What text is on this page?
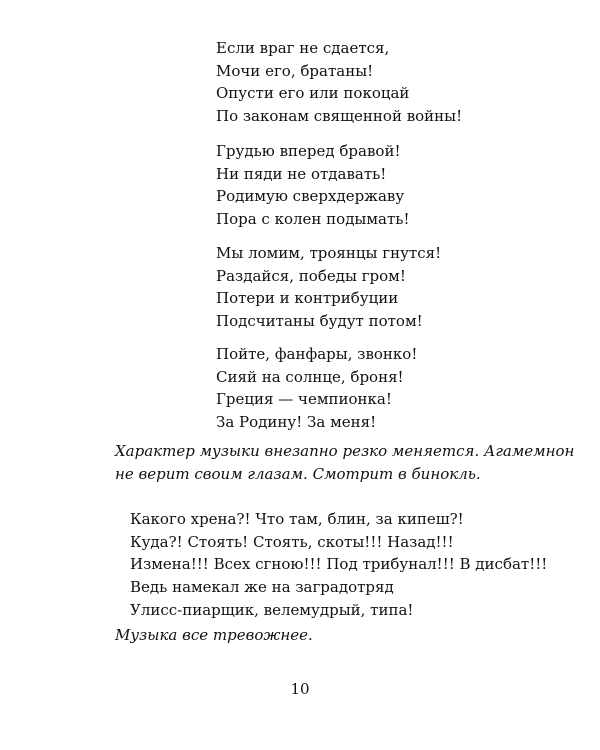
Если враг не сдается,
Мочи его, братаны!
Опусти его или покоцай
По законам священной войны!
Грудью вперед бравой!
Ни пяди не отдавать!
Родимую сверхдержаву
Пора с колен подымать!
Мы ломим, троянцы гнутся!
Раздайся, победы гром!
Потери и контрибуции
Подсчитаны будут потом!
Пойте, фанфары, звонко!
Сияй на солнце, броня!
Греция — чемпионка!
За Родину! За меня!
Характер музыки внезапно резко меняется. Агамемнон
не верит своим глазам. Смотрит в бинокль.
Какого хрена?! Что там, блин, за кипеш?!
Куда?! Стоять! Стоять, скоты!!! Назад!!!
Измена!!! Всех сгною!!! Под трибунал!!! В дисбат!!!
Ведь намекал же на заградотряд
Улисс-пиарщик, велемудрый, типа!
Музыка все тревожнее.
10
